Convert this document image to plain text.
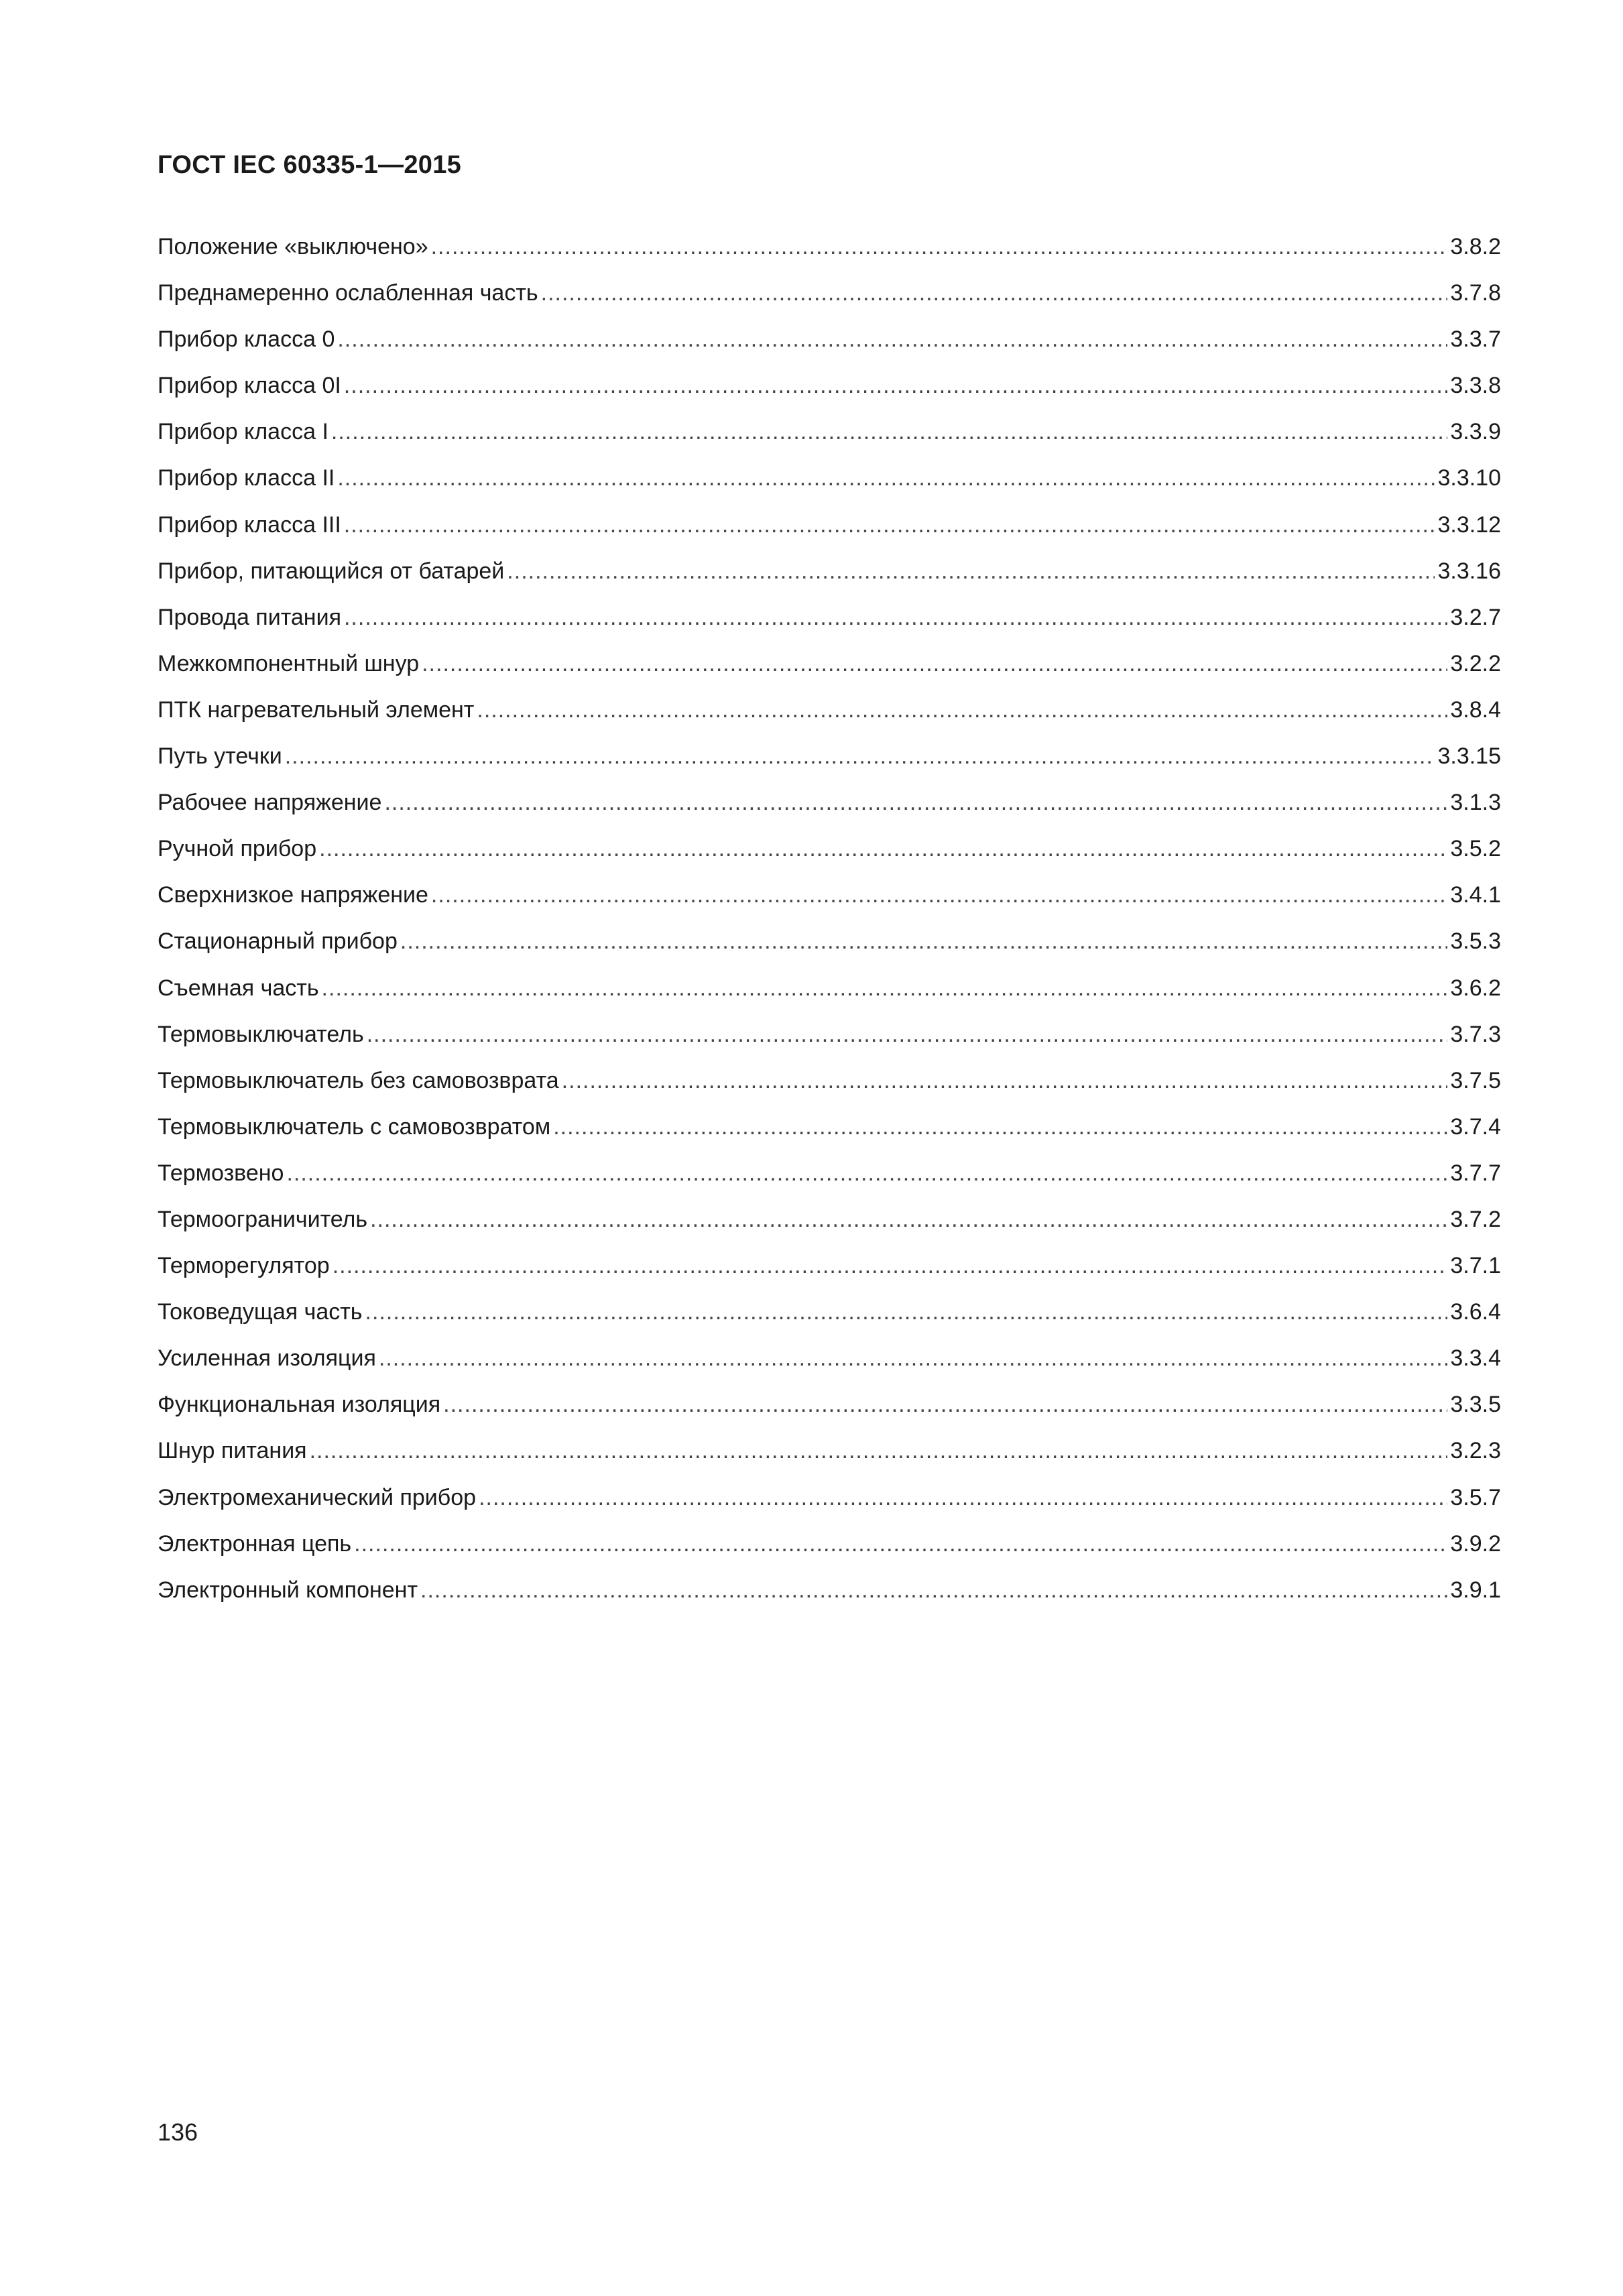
ГОСТ IEC 60335-1—2015
Положение «выключено» .....	3.8.2
Преднамеренно ослабленная часть .....	3.7.8
Прибор класса 0 .....	3.3.7
Прибор класса 0I .....	3.3.8
Прибор класса I .....	3.3.9
Прибор класса II .....	3.3.10
Прибор класса III .....	3.3.12
Прибор, питающийся от батарей .....	3.3.16
Провода питания .....	3.2.7
Межкомпонентный шнур .....	3.2.2
ПТК нагревательный элемент .....	3.8.4
Путь утечки .....	3.3.15
Рабочее напряжение .....	3.1.3
Ручной прибор .....	3.5.2
Сверхнизкое напряжение .....	3.4.1
Стационарный прибор .....	3.5.3
Съемная часть .....	3.6.2
Термовыключатель .....	3.7.3
Термовыключатель без самовозврата .....	3.7.5
Термовыключатель с самовозвратом .....	3.7.4
Термозвено .....	3.7.7
Термоограничитель .....	3.7.2
Терморегулятор .....	3.7.1
Токоведущая часть .....	3.6.4
Усиленная изоляция .....	3.3.4
Функциональная изоляция .....	3.3.5
Шнур питания .....	3.2.3
Электромеханический прибор .....	3.5.7
Электронная цепь .....	3.9.2
Электронный компонент .....	3.9.1
136
